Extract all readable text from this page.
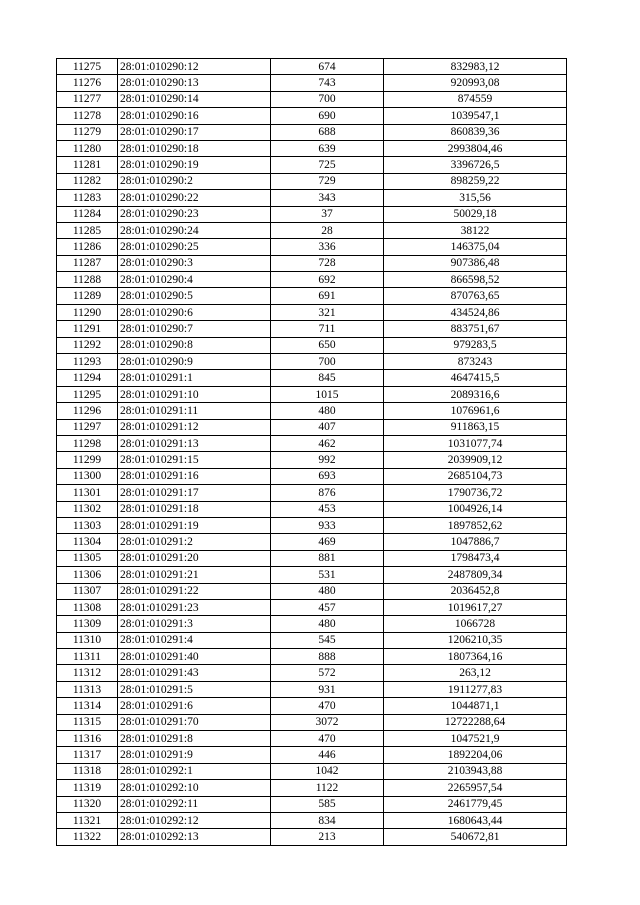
11275	28:01:010290:12	674	832983,12
11276	28:01:010290:13	743	920993,08
11277	28:01:010290:14	700	874559
11278	28:01:010290:16	690	1039547,1
11279	28:01:010290:17	688	860839,36
11280	28:01:010290:18	639	2993804,46
11281	28:01:010290:19	725	3396726,5
11282	28:01:010290:2	729	898259,22
11283	28:01:010290:22	343	315,56
11284	28:01:010290:23	37	50029,18
11285	28:01:010290:24	28	38122
11286	28:01:010290:25	336	146375,04
11287	28:01:010290:3	728	907386,48
11288	28:01:010290:4	692	866598,52
11289	28:01:010290:5	691	870763,65
11290	28:01:010290:6	321	434524,86
11291	28:01:010290:7	711	883751,67
11292	28:01:010290:8	650	979283,5
11293	28:01:010290:9	700	873243
11294	28:01:010291:1	845	4647415,5
11295	28:01:010291:10	1015	2089316,6
11296	28:01:010291:11	480	1076961,6
11297	28:01:010291:12	407	911863,15
11298	28:01:010291:13	462	1031077,74
11299	28:01:010291:15	992	2039909,12
11300	28:01:010291:16	693	2685104,73
11301	28:01:010291:17	876	1790736,72
11302	28:01:010291:18	453	1004926,14
11303	28:01:010291:19	933	1897852,62
11304	28:01:010291:2	469	1047886,7
11305	28:01:010291:20	881	1798473,4
11306	28:01:010291:21	531	2487809,34
11307	28:01:010291:22	480	2036452,8
11308	28:01:010291:23	457	1019617,27
11309	28:01:010291:3	480	1066728
11310	28:01:010291:4	545	1206210,35
11311	28:01:010291:40	888	1807364,16
11312	28:01:010291:43	572	263,12
11313	28:01:010291:5	931	1911277,83
11314	28:01:010291:6	470	1044871,1
11315	28:01:010291:70	3072	12722288,64
11316	28:01:010291:8	470	1047521,9
11317	28:01:010291:9	446	1892204,06
11318	28:01:010292:1	1042	2103943,88
11319	28:01:010292:10	1122	2265957,54
11320	28:01:010292:11	585	2461779,45
11321	28:01:010292:12	834	1680643,44
11322	28:01:010292:13	213	540672,81
